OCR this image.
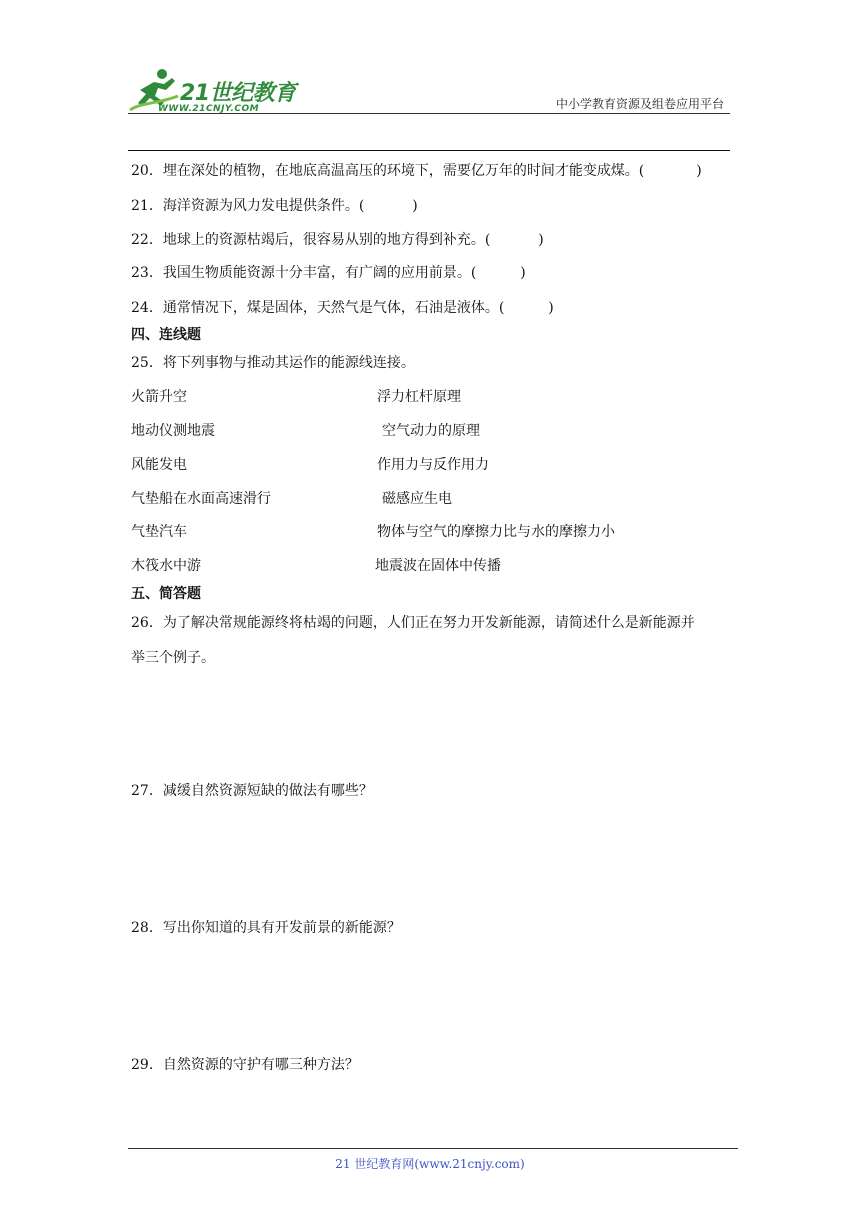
21世纪教育
WWW.21CNJY.COM	中小学教育资源及组卷应用平台
20．埋在深处的植物，在地底高温高压的环境下，需要亿万年的时间才能变成煤。(	)
21．海洋资源为风力发电提供条件。(	)
22．地球上的资源枯竭后，很容易从别的地方得到补充。(	)
23．我国生物质能资源十分丰富，有广阔的应用前景。(	)
24．通常情况下，煤是固体，天然气是气体，石油是液体。(	)
四、连线题
25．将下列事物与推动其运作的能源线连接。
火箭升空	浮力杠杆原理
地动仪测地震	空气动力的原理
风能发电	作用力与反作用力
气垫船在水面高速滑行	磁感应生电
气垫汽车	物体与空气的摩擦力比与水的摩擦力小
木筏水中游	地震波在固体中传播
五、简答题
26．为了解决常规能源终将枯竭的问题，人们正在努力开发新能源，请简述什么是新能源并
举三个例子。
27．减缓自然资源短缺的做法有哪些？
28．写出你知道的具有开发前景的新能源？
29．自然资源的守护有哪三种方法？
21 世纪教育网(www.21cnjy.com)
